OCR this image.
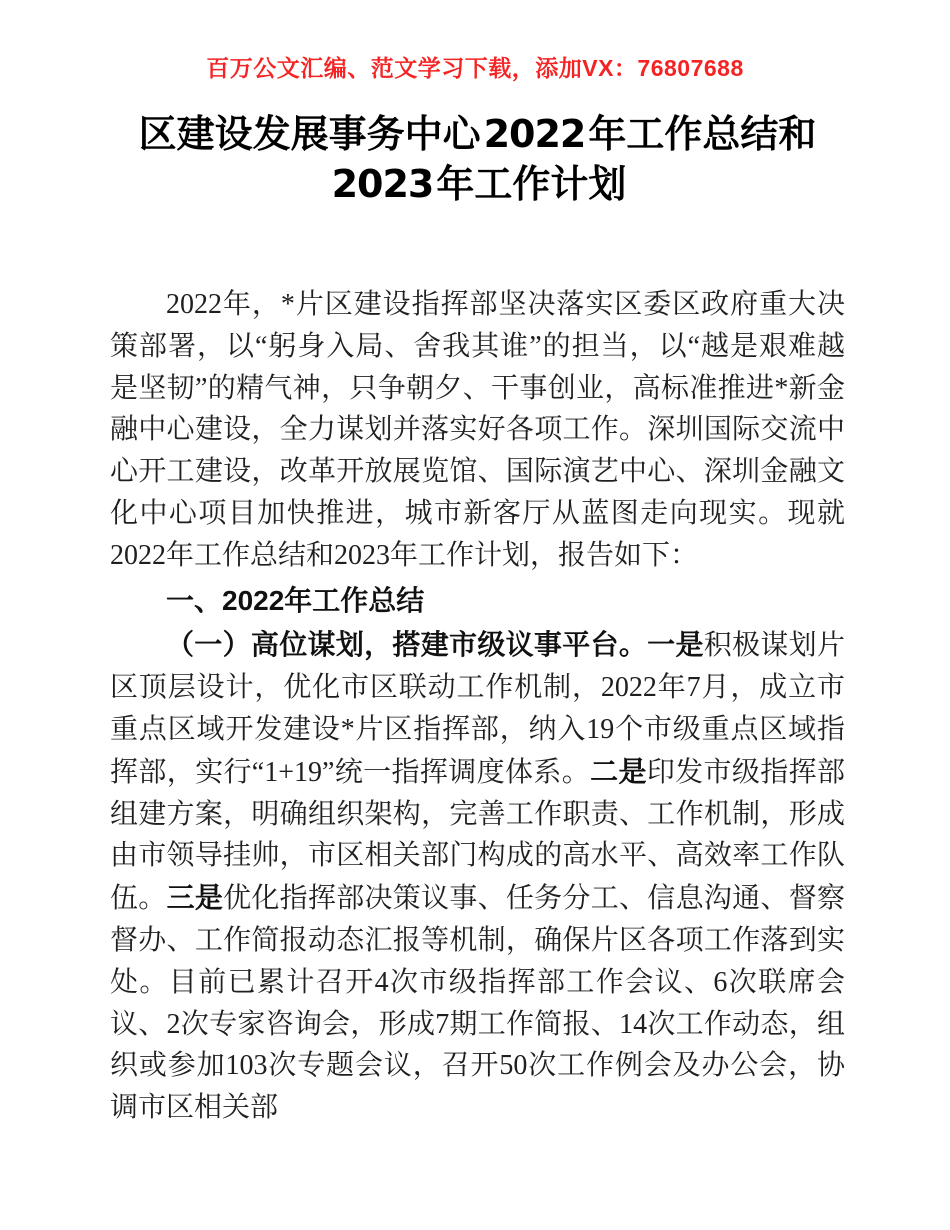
百万公文汇编、范文学习下载，添加VX：76807688
区建设发展事务中心2022年工作总结和
2023年工作计划

2022年，*片区建设指挥部坚决落实区委区政府重大决策部署，以“躬身入局、舍我其谁”的担当，以“越是艰难越是坚韧”的精气神，只争朝夕、干事创业，高标准推进*新金融中心建设，全力谋划并落实好各项工作。深圳国际交流中心开工建设，改革开放展览馆、国际演艺中心、深圳金融文化中心项目加快推进，城市新客厅从蓝图走向现实。现就2022年工作总结和2023年工作计划，报告如下：

一、2022年工作总结

（一）高位谋划，搭建市级议事平台。一是积极谋划片区顶层设计，优化市区联动工作机制，2022年7月，成立市重点区域开发建设*片区指挥部，纳入19个市级重点区域指挥部，实行“1+19”统一指挥调度体系。二是印发市级指挥部组建方案，明确组织架构，完善工作职责、工作机制，形成由市领导挂帅，市区相关部门构成的高水平、高效率工作队伍。三是优化指挥部决策议事、任务分工、信息沟通、督察督办、工作简报动态汇报等机制，确保片区各项工作落到实处。目前已累计召开4次市级指挥部工作会议、6次联席会议、2次专家咨询会，形成7期工作简报、14次工作动态，组织或参加103次专题会议，召开50次工作例会及办公会，协调市区相关部
